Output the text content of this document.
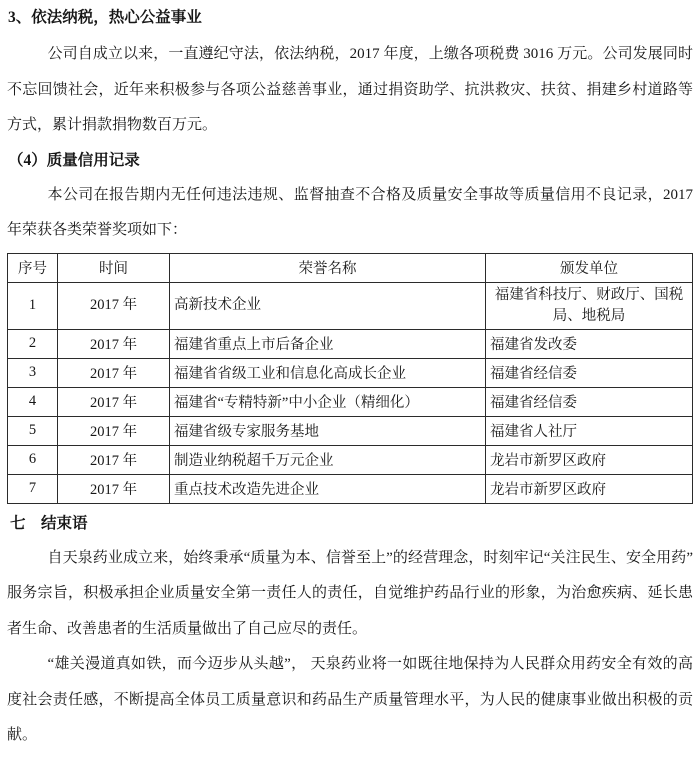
3、依法纳税，热心公益事业

公司自成立以来，一直遵纪守法，依法纳税，2017 年度，上缴各项税费 3016 万元。公司发展同时不忘回馈社会，近年来积极参与各项公益慈善事业，通过捐资助学、抗洪救灾、扶贫、捐建乡村道路等方式，累计捐款捐物数百万元。

（4）质量信用记录

本公司在报告期内无任何违法违规、监督抽查不合格及质量安全事故等质量信用不良记录，2017 年荣获各类荣誉奖项如下：

序号	时间	荣誉名称	颁发单位
1	2017 年	高新技术企业	福建省科技厅、财政厅、国税局、地税局
2	2017 年	福建省重点上市后备企业	福建省发改委
3	2017 年	福建省省级工业和信息化高成长企业	福建省经信委
4	2017 年	福建省“专精特新”中小企业（精细化）	福建省经信委
5	2017 年	福建省级专家服务基地	福建省人社厅
6	2017 年	制造业纳税超千万元企业	龙岩市新罗区政府
7	2017 年	重点技术改造先进企业	龙岩市新罗区政府
七　结束语

自天泉药业成立来，始终秉承“质量为本、信誉至上”的经营理念，时刻牢记“关注民生、安全用药”服务宗旨，积极承担企业质量安全第一责任人的责任，自觉维护药品行业的形象，为治愈疾病、延长患者生命、改善患者的生活质量做出了自己应尽的责任。

“雄关漫道真如铁，而今迈步从头越”， 天泉药业将一如既往地保持为人民群众用药安全有效的高度社会责任感，不断提高全体员工质量意识和药品生产质量管理水平，为人民的健康事业做出积极的贡献。
